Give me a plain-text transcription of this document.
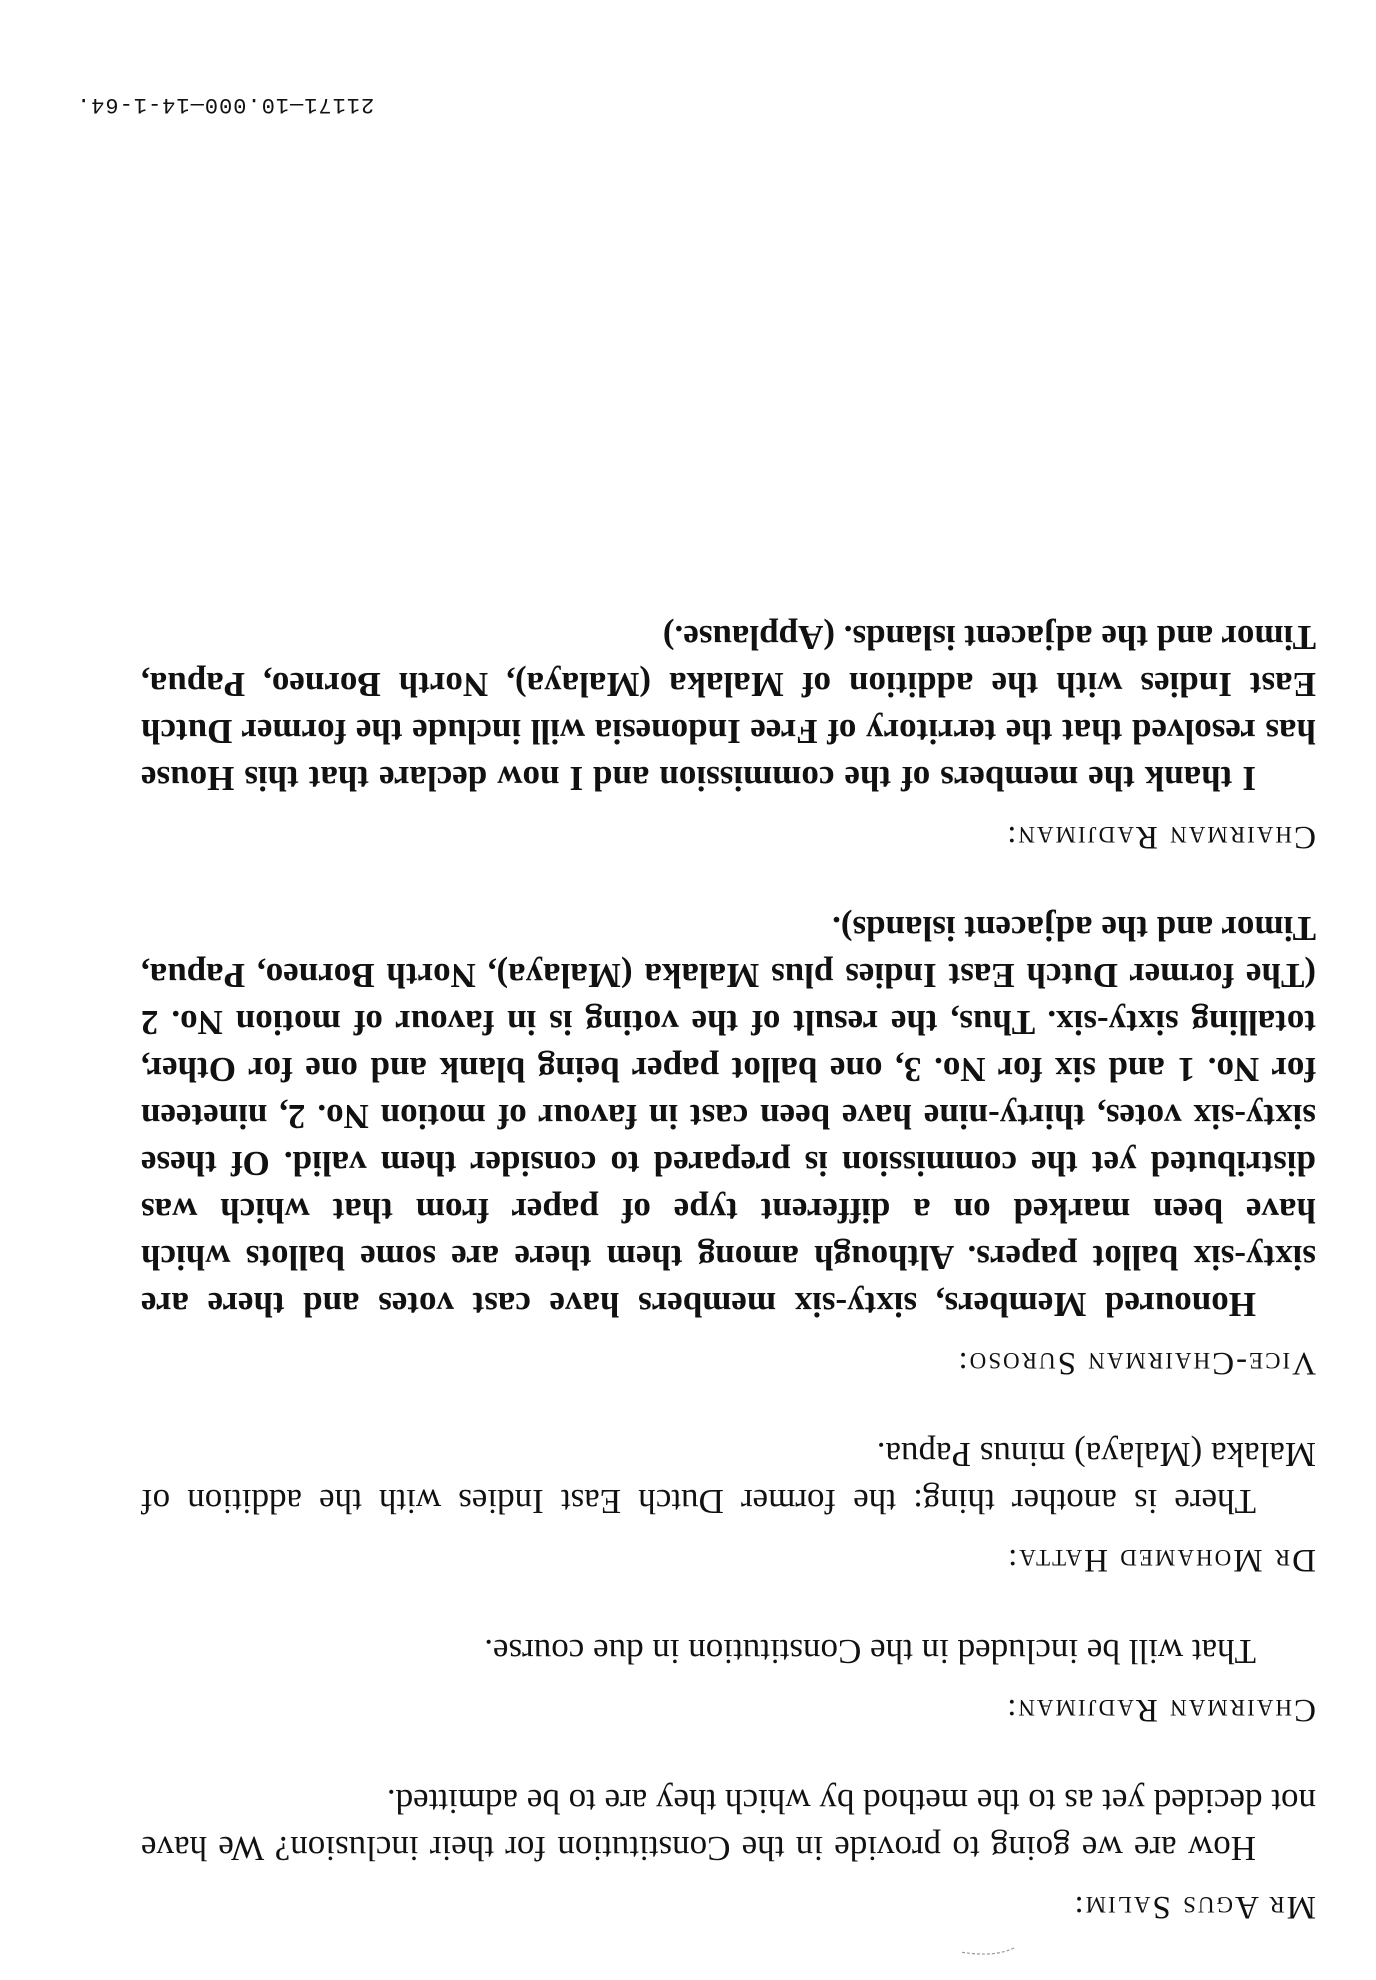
Mr Agus Salim:

How are we going to provide in the Constitution for their inclusion? We have not decided yet as to the method by which they are to be admitted.

Chairman Radjiman:

That will be included in the Constitution in due course.

Dr Mohamed Hatta:

There is another thing: the former Dutch East Indies with the addition of Malaka (Malaya) minus Papua.

Vice-Chairman Suroso:

Honoured Members, sixty-six members have cast votes and there are sixty-six ballot papers. Although among them there are some ballots which have been marked on a different type of paper from that which was distributed yet the commission is prepared to consider them valid. Of these sixty-six votes, thirty-nine have been cast in favour of motion No. 2, nineteen for No. 1 and six for No. 3, one ballot paper being blank and one for Other, totalling sixty-six. Thus, the result of the voting is in favour of motion No. 2 (The former Dutch East Indies plus Malaka (Malaya), North Borneo, Papua, Timor and the adjacent islands).

Chairman Radjiman:

I thank the members of the commission and I now declare that this House has resolved that the territory of Free Indonesia will include the former Dutch East Indies with the addition of Malaka (Malaya), North Borneo, Papua, Timor and the adjacent islands. (Applause.)

21171—10.000—14-1-64.
